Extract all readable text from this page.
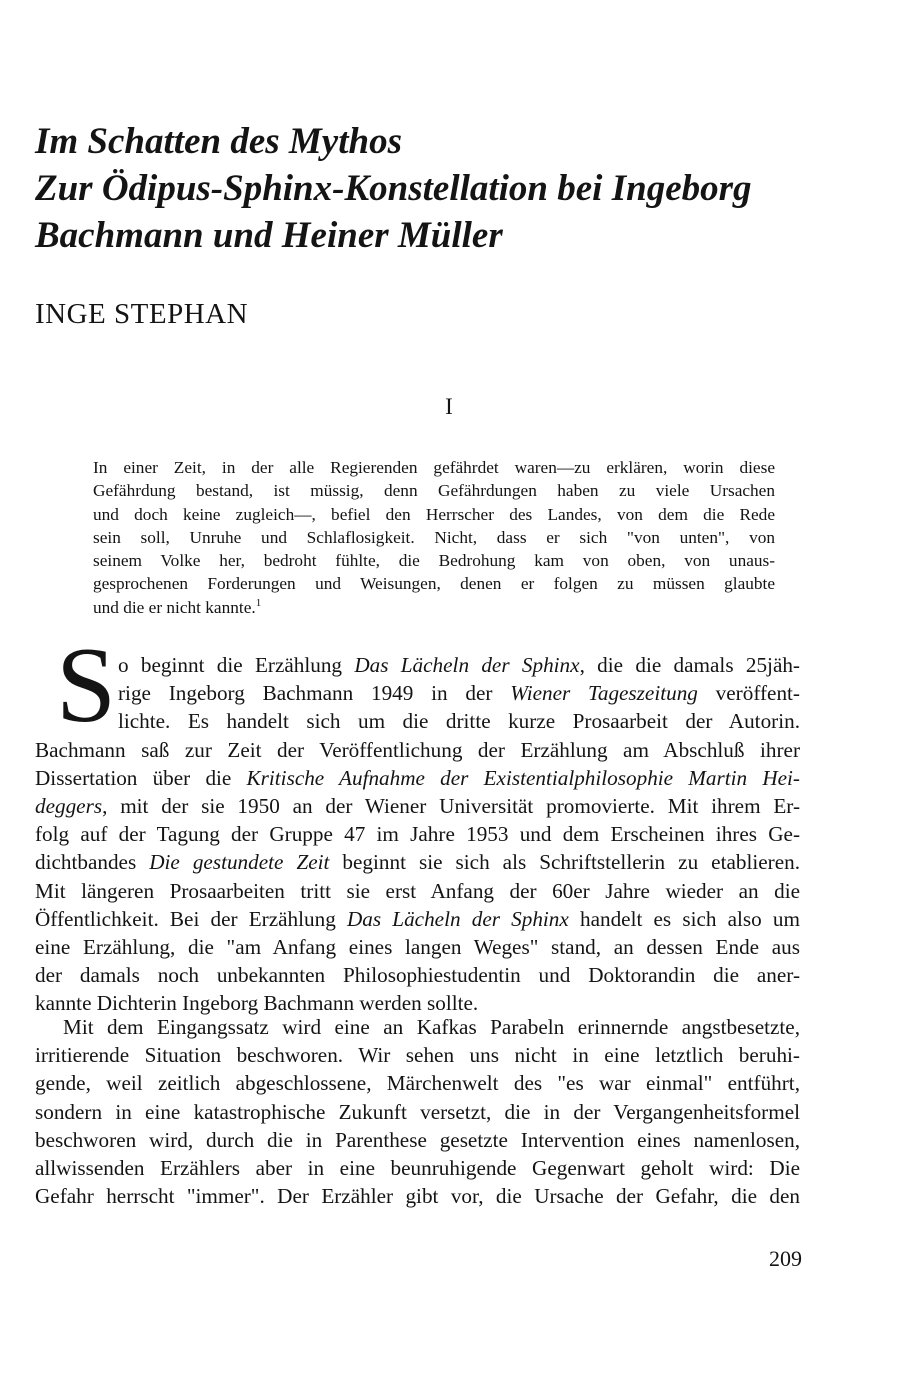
Im Schatten des Mythos
Zur Ödipus-Sphinx-Konstellation bei Ingeborg
Bachmann und Heiner Müller
INGE STEPHAN
I
In einer Zeit, in der alle Regierenden gefährdet waren—zu erklären, worin diese
Gefährdung bestand, ist müssig, denn Gefährdungen haben zu viele Ursachen
und doch keine zugleich—, befiel den Herrscher des Landes, von dem die Rede
sein soll, Unruhe und Schlaflosigkeit. Nicht, dass er sich "von unten", von
seinem Volke her, bedroht fühlte, die Bedrohung kam von oben, von unaus-
gesprochenen Forderungen und Weisungen, denen er folgen zu müssen glaubte
und die er nicht kannte.$^1$
S o beginnt die Erzählung Das Lächeln der Sphinx, die die damals 25jäh-
rige Ingeborg Bachmann 1949 in der Wiener Tageszeitung veröffent-
lichte. Es handelt sich um die dritte kurze Prosaarbeit der Autorin.
Bachmann saß zur Zeit der Veröffentlichung der Erzählung am Abschluß ihrer
Dissertation über die Kritische Aufnahme der Existentialphilosophie Martin Hei-
deggers, mit der sie 1950 an der Wiener Universität promovierte. Mit ihrem Er-
folg auf der Tagung der Gruppe 47 im Jahre 1953 und dem Erscheinen ihres Ge-
dichtbandes Die gestundete Zeit beginnt sie sich als Schriftstellerin zu etablieren.
Mit längeren Prosaarbeiten tritt sie erst Anfang der 60er Jahre wieder an die
Öffentlichkeit. Bei der Erzählung Das Lächeln der Sphinx handelt es sich also um
eine Erzählung, die "am Anfang eines langen Weges" stand, an dessen Ende aus
der damals noch unbekannten Philosophiestudentin und Doktorandin die aner-
kannte Dichterin Ingeborg Bachmann werden sollte.
Mit dem Eingangssatz wird eine an Kafkas Parabeln erinnernde angstbesetzte,
irritierende Situation beschworen. Wir sehen uns nicht in eine letztlich beruhi-
gende, weil zeitlich abgeschlossene, Märchenwelt des "es war einmal" entführt,
sondern in eine katastrophische Zukunft versetzt, die in der Vergangenheitsformel
beschworen wird, durch die in Parenthese gesetzte Intervention eines namenlosen,
allwissenden Erzählers aber in eine beunruhigende Gegenwart geholt wird: Die
Gefahr herrscht "immer". Der Erzähler gibt vor, die Ursache der Gefahr, die den
209
